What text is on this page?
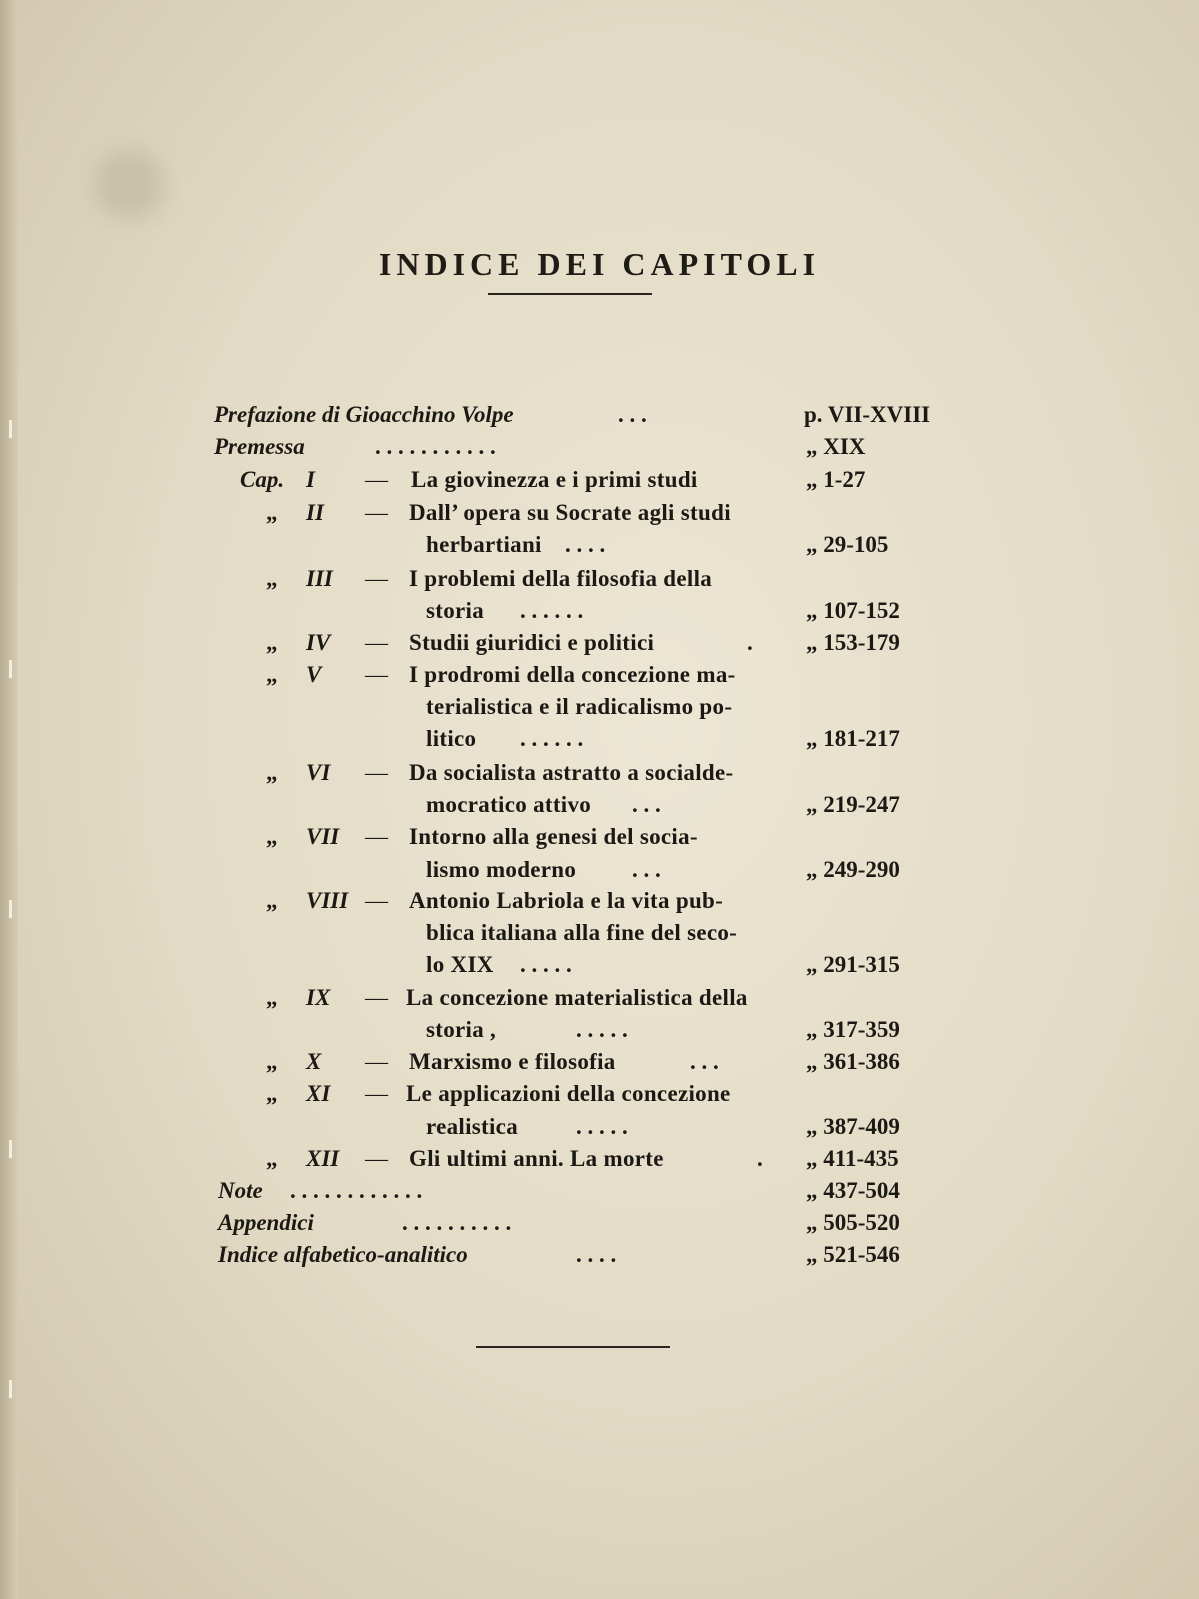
INDICE DEI CAPITOLI
Prefazione di Gioacchino Volpe	. . .	p. VII-XVIII
Premessa	. . . . . . . . . . .	„ XIX
Cap. I — La giovinezza e i primi studi	„ 1-27
„ II — Dall’ opera su Socrate agli studi
herbartiani . . . .	„ 29-105
„ III — I problemi della filosofia della
storia . . . . . .	„ 107-152
„ IV — Studii giuridici e politici	. „ 153-179
„ V — I prodromi della concezione ma-
terialistica e il radicalismo po-
litico . . . . . .	„ 181-217
„ VI — Da socialista astratto a socialde-
mocratico attivo . . .	„ 219-247
„ VII — Intorno alla genesi del socia-
lismo moderno . . .	„ 249-290
„ VIII — Antonio Labriola e la vita pub-
blica italiana alla fine del seco-
lo XIX . . . . .	„ 291-315
„ IX — La concezione materialistica della
storia ,	. . . . .	„ 317-359
„ X — Marxismo e filosofia	. . .	„ 361-386
„ XI — Le applicazioni della concezione
realistica	. . . . .	„ 387-409
„ XII — Gli ultimi anni. La morte	. „ 411-435
Note . . . . . . . . . . . .	„ 437-504
Appendici	. . . . . . . . . .	„ 505-520
Indice alfabetico-analitico	. . . .	„ 521-546
